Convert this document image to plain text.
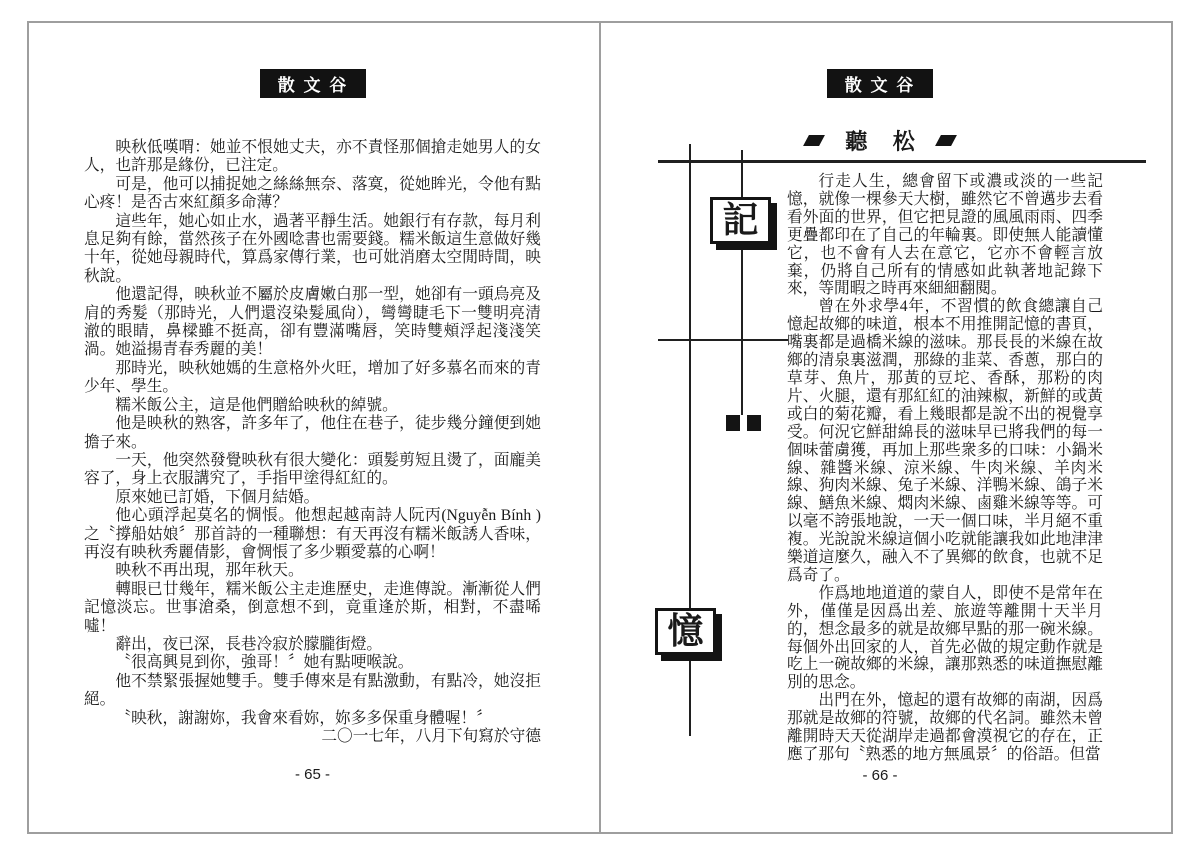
散 文 谷

映秋低嘆喟：她並不恨她丈夫，亦不責怪那個搶走她男人的女人，也許那是緣份，已注定。

可是，他可以捕捉她之絲絲無奈、落寞，從她眸光，令他有點心疼！是否古來紅顏多命薄？

這些年，她心如止水，過著平靜生活。她銀行有存款，每月利息足夠有餘，當然孩子在外國唸書也需要錢。糯米飯這生意做好幾十年，從她母親時代，算爲家傳行業，也可妣消磨太空閒時間，映秋說。

他還記得，映秋並不屬於皮膚嫩白那一型，她卻有一頭烏亮及肩的秀髮（那時光，人們還沒染髮風尙），彎彎睫毛下一雙明亮清澈的眼睛，鼻樑雖不挺高，卻有豐滿嘴唇，笑時雙頰浮起淺淺笑渦。她溢揚青春秀麗的美！

那時光，映秋她媽的生意格外火旺，增加了好多慕名而來的青少年、學生。

糯米飯公主，這是他們贈給映秋的綽號。

他是映秋的熟客，許多年了，他住在巷子，徒步幾分鐘便到她擔子來。

一天，他突然發覺映秋有很大變化：頭髮剪短且燙了，面龐美容了，身上衣服講究了，手指甲塗得紅紅的。

原來她已訂婚，下個月結婚。

他心頭浮起莫名的惆悵。他想起越南詩人阮丙(Nguyễn Bính )之〝撐船姑娘〞那首詩的一種聯想：有天再沒有糯米飯誘人香味，再沒有映秋秀麗倩影，會惆悵了多少顆愛慕的心啊！

映秋不再出現，那年秋天。

轉眼已廿幾年，糯米飯公主走進歷史，走進傳說。漸漸從人們記憶淡忘。世事滄桑，倒意想不到，竟重逢於斯，相對，不盡唏噓！

辭出，夜已深，長巷冷寂於朦朧街燈。

〝很高興見到你，強哥！〞她有點哽喉說。

他不禁緊張握她雙手。雙手傳來是有點激動，有點冷，她沒拒絕。

〝映秋，謝謝妳，我會來看妳，妳多多保重身體喔！〞

二〇一七年，八月下旬寫於守德

- 65 -
散 文 谷
聽 松
記
憶

行走人生，總會留下或濃或淡的一些記憶，就像一棵參天大樹，雖然它不曾邁步去看看外面的世界，但它把見證的風風雨雨、四季更疊都印在了自己的年輪裏。即使無人能讀懂它，也不會有人去在意它，它亦不會輕言放棄，仍將自己所有的情感如此執著地記錄下來，等閒暇之時再來細細翻閱。

曾在外求學4年，不習慣的飲食總讓自己憶起故鄉的味道，根本不用推開記憶的書頁，嘴裏都是過橋米線的滋味。那長長的米線在故鄉的清泉裏滋潤，那綠的韭菜、香蔥，那白的草芽、魚片，那黃的豆坨、香酥，那粉的肉片、火腿，還有那紅紅的油辣椒，新鮮的或黃或白的菊花瓣，看上幾眼都是說不出的視覺享受。何況它鮮甜綿長的滋味早已將我們的每一個味蕾虜獲，再加上那些衆多的口味：小鍋米線、雜醬米線、涼米線、牛肉米線、羊肉米線、狗肉米線、兔子米線、洋鴨米線、鴿子米線、鱔魚米線、燜肉米線、鹵雞米線等等。可以毫不誇張地說，一天一個口味，半月絕不重複。光說說米線這個小吃就能讓我如此地津津樂道這麼久，融入不了異鄉的飲食，也就不足爲奇了。

作爲地地道道的蒙自人，即使不是常年在外，僅僅是因爲出差、旅遊等離開十天半月的，想念最多的就是故鄉早點的那一碗米線。每個外出回家的人，首先必做的規定動作就是吃上一碗故鄉的米線，讓那熟悉的味道撫慰離別的思念。

出門在外，憶起的還有故鄉的南湖，因爲那就是故鄉的符號，故鄉的代名詞。雖然未曾離開時天天從湖岸走過都會漠視它的存在，正應了那句〝熟悉的地方無風景〞的俗語。但當

- 66 -
